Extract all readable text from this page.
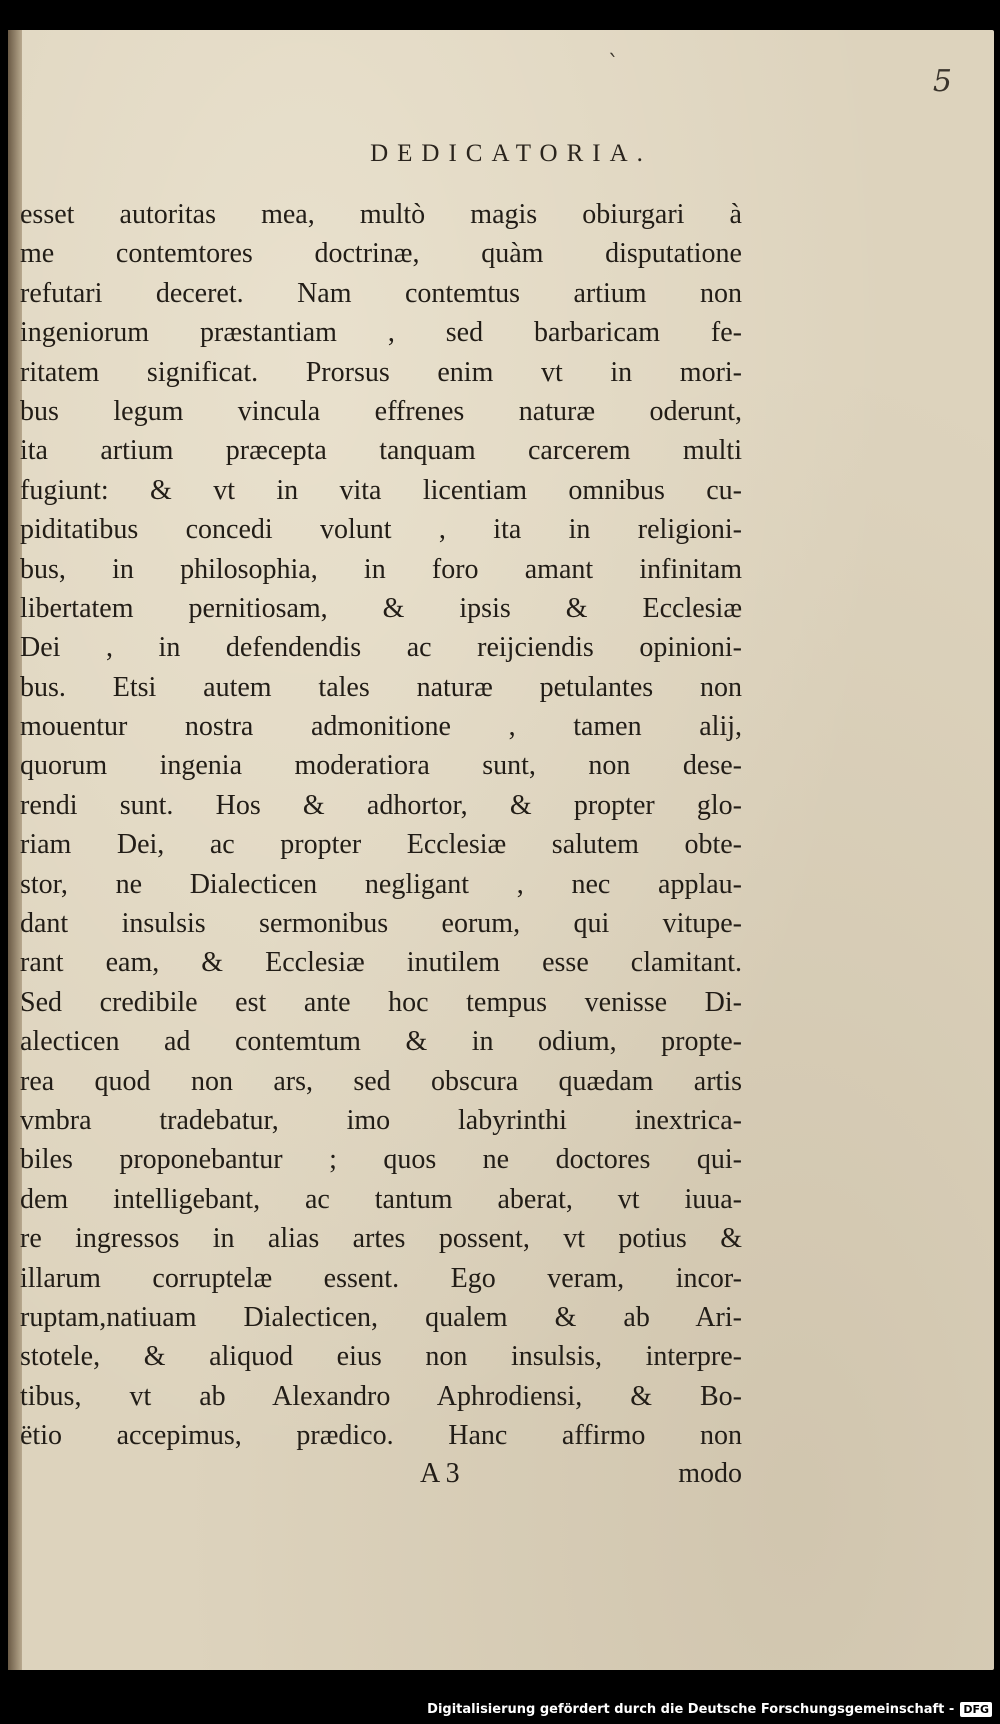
ˋ	5
DEDICATORIA.
esset autoritas mea, multò magis obiurgari à
me contemtores doctrinæ, quàm disputatione
refutari deceret. Nam contemtus artium non
ingeniorum præstantiam , sed barbaricam fe-
ritatem significat. Prorsus enim vt in mori-
bus legum vincula effrenes naturæ oderunt,
ita artium præcepta tanquam carcerem multi
fugiunt: & vt in vita licentiam omnibus cu-
piditatibus concedi volunt , ita in religioni-
bus, in philosophia, in foro amant infinitam
libertatem pernitiosam, & ipsis & Ecclesiæ
Dei , in defendendis ac reijciendis opinioni-
bus. Etsi autem tales naturæ petulantes non
mouentur nostra admonitione , tamen alij,
quorum ingenia moderatiora sunt, non dese-
rendi sunt. Hos & adhortor, & propter glo-
riam Dei, ac propter Ecclesiæ salutem obte-
stor, ne Dialecticen negligant , nec applau-
dant insulsis sermonibus eorum, qui vitupe-
rant eam, & Ecclesiæ inutilem esse clamitant.
Sed credibile est ante hoc tempus venisse Di-
alecticen ad contemtum & in odium, propte-
rea quod non ars, sed obscura quædam artis
vmbra tradebatur, imo labyrinthi inextrica-
biles proponebantur ; quos ne doctores qui-
dem intelligebant, ac tantum aberat, vt iuua-
re ingressos in alias artes possent, vt potius &
illarum corruptelæ essent. Ego veram, incor-
ruptam,natiuam Dialecticen, qualem & ab Ari-
stotele, & aliquod eius non insulsis, interpre-
tibus, vt ab Alexandro Aphrodiensi, & Bo-
ëtio accepimus, prædico. Hanc affirmo non
A 3	modo
Digitalisierung gefördert durch die Deutsche Forschungsgemeinschaft - DFG
